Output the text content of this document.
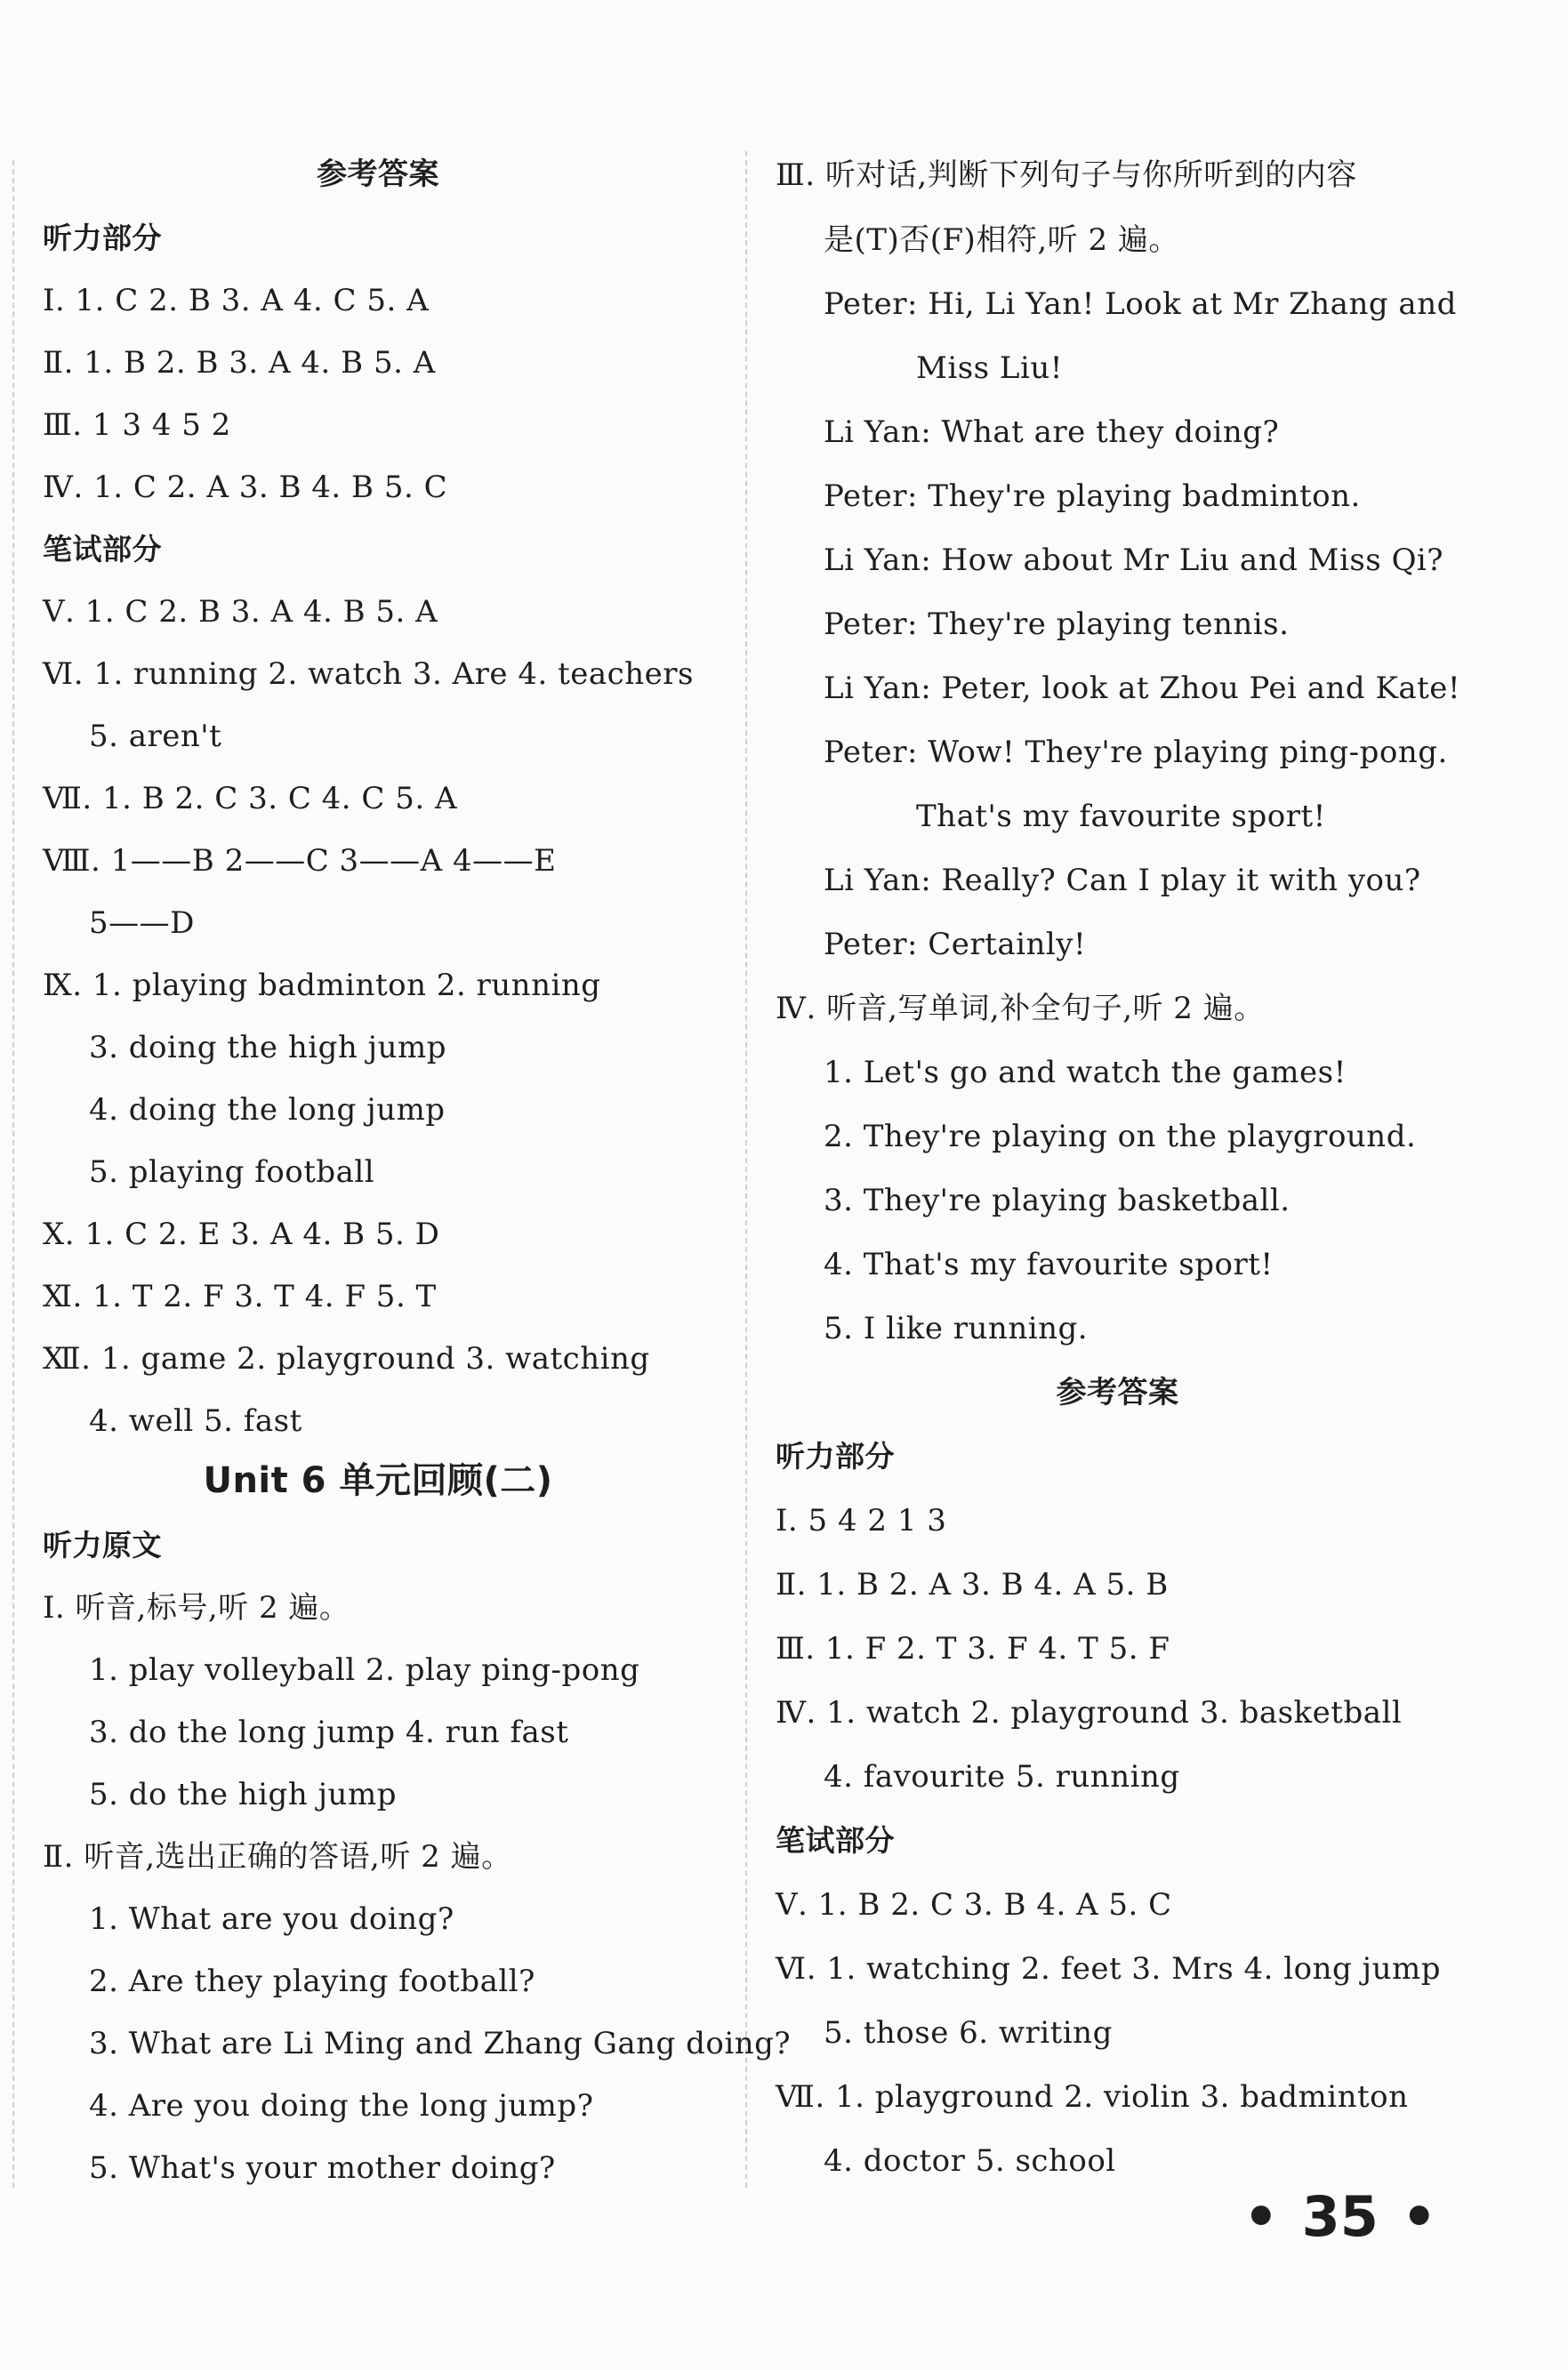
参考答案
听力部分
Ⅰ. 1. C 2. B 3. A 4. C 5. A
Ⅱ. 1. B 2. B 3. A 4. B 5. A
Ⅲ. 1 3 4 5 2
Ⅳ. 1. C 2. A 3. B 4. B 5. C
笔试部分
Ⅴ. 1. C 2. B 3. A 4. B 5. A
Ⅵ. 1. running 2. watch 3. Are 4. teachers
5. aren't
Ⅶ. 1. B 2. C 3. C 4. C 5. A
Ⅷ. 1——B 2——C 3——A 4——E
5——D
Ⅸ. 1. playing badminton 2. running
3. doing the high jump
4. doing the long jump
5. playing football
Ⅹ. 1. C 2. E 3. A 4. B 5. D
Ⅺ. 1. T 2. F 3. T 4. F 5. T
Ⅻ. 1. game 2. playground 3. watching
4. well 5. fast
Unit 6 单元回顾(二)
听力原文
Ⅰ. 听音,标号,听 2 遍。
1. play volleyball 2. play ping-pong
3. do the long jump 4. run fast
5. do the high jump
Ⅱ. 听音,选出正确的答语,听 2 遍。
1. What are you doing?
2. Are they playing football?
3. What are Li Ming and Zhang Gang doing?
4. Are you doing the long jump?
5. What's your mother doing?
Ⅲ. 听对话,判断下列句子与你所听到的内容
是(T)否(F)相符,听 2 遍。
Peter: Hi, Li Yan! Look at Mr Zhang and
Miss Liu!
Li Yan: What are they doing?
Peter: They're playing badminton.
Li Yan: How about Mr Liu and Miss Qi?
Peter: They're playing tennis.
Li Yan: Peter, look at Zhou Pei and Kate!
Peter: Wow! They're playing ping-pong.
That's my favourite sport!
Li Yan: Really? Can I play it with you?
Peter: Certainly!
Ⅳ. 听音,写单词,补全句子,听 2 遍。
1. Let's go and watch the games!
2. They're playing on the playground.
3. They're playing basketball.
4. That's my favourite sport!
5. I like running.
参考答案
听力部分
Ⅰ. 5 4 2 1 3
Ⅱ. 1. B 2. A 3. B 4. A 5. B
Ⅲ. 1. F 2. T 3. F 4. T 5. F
Ⅳ. 1. watch 2. playground 3. basketball
4. favourite 5. running
笔试部分
Ⅴ. 1. B 2. C 3. B 4. A 5. C
Ⅵ. 1. watching 2. feet 3. Mrs 4. long jump
5. those 6. writing
Ⅶ. 1. playground 2. violin 3. badminton
4. doctor 5. school
• 35 •
